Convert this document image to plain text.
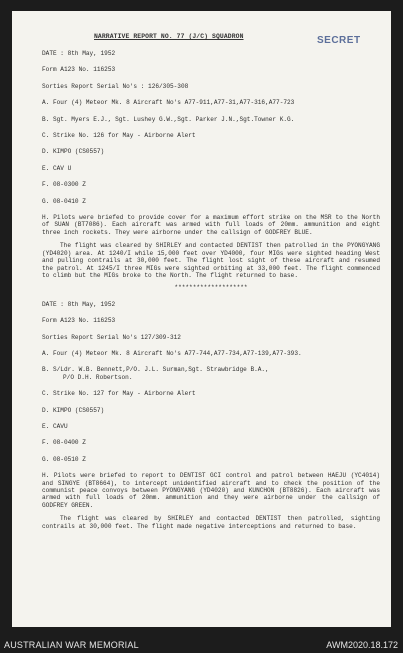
NARRATIVE REPORT NO. 77 (J/C) SQUADRON	SECRET
DATE : 8th May, 1952
Form A123 No. 116253
Sorties Report Serial No's : 126/305-308
A. Four (4) Meteor Mk. 8 Aircraft No's A77-911,A77-31,A77-316,A77-723
B. Sgt. Myers E.J., Sgt. Lushey G.W.,Sgt. Parker J.N.,Sgt.Towner K.G.
C. Strike No. 126 for May - Airborne Alert
D. KIMPO (CS0557)
E. CAV U
F. 08-0300 Z
G. 08-0410 Z
H. Pilots were briefed to provide cover for a maximum effort strike on the MSR to the North of SUAN (BT7086). Each aircraft was armed with full loads of 20mm. ammunition and eight three inch rockets. They were airborne under the callsign of GODFREY BLUE.
The flight was cleared by SHIRLEY and contacted DENTIST then patrolled in the PYONGYANG (YD4020) area. At 1240/I while 15,000 feet over YD4000, four MIGs were sighted heading West and pulling contrails at 30,000 feet. The flight lost sight of these aircraft and resumed the patrol. At 1245/I three MIGs were sighted orbiting at 33,000 feet. The flight commenced to climb but the MIGs broke to the North. The flight returned to base.
********************
DATE : 8th May, 1952
Form A123 No. 116253
Sorties Report Serial No's 127/309-312
A. Four (4) Meteor Mk. 8 Aircraft No's A77-744,A77-734,A77-139,A77-393.
B. S/Ldr. W.B. Bennett,P/O. J.L. Surman,Sgt. Strawbridge B.A.,
P/O D.H. Robertson.
C. Strike No. 127 for May - Airborne Alert
D. KIMPO (CS0557)
E. CAVU
F. 08-0400 Z
G. 08-0510 Z
H. Pilots were briefed to report to DENTIST GCI control and patrol between HAEJU (YC4014) and SINGYE (BT8664), to intercept unidentified aircraft and to check the position of the communist peace convoys between PYONGYANG (YD4020) and KUNCHON (BT8826). Each aircraft was armed with full loads of 20mm. ammunition and they were airborne under the callsign of GODFREY GREEN.
The flight was cleared by SHIRLEY and contacted DENTIST then patrolled, sighting contrails at 30,000 feet. The flight made negative interceptions and returned to base.
AUSTRALIAN WAR MEMORIAL	AWM2020.18.172
